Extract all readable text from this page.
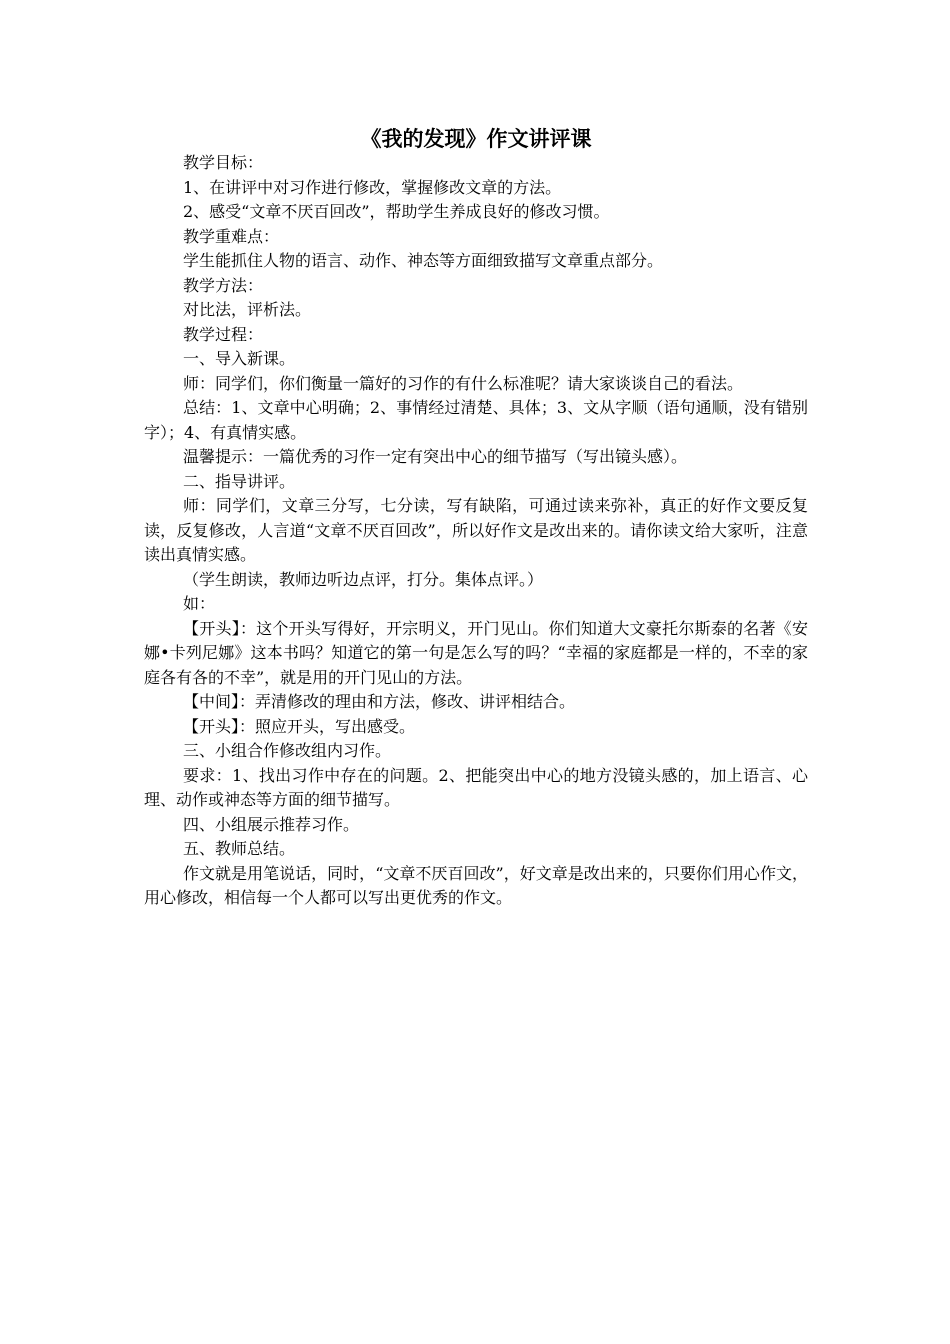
《我的发现》作文讲评课

教学目标：

1、在讲评中对习作进行修改，掌握修改文章的方法。

2、感受“文章不厌百回改”，帮助学生养成良好的修改习惯。

教学重难点：

学生能抓住人物的语言、动作、神态等方面细致描写文章重点部分。

教学方法：

对比法，评析法。

教学过程：

一、导入新课。

师：同学们，你们衡量一篇好的习作的有什么标准呢？请大家谈谈自己的看法。

总结：1、文章中心明确；2、事情经过清楚、具体；3、文从字顺（语句通顺，没有错别字）；4、有真情实感。

温馨提示：一篇优秀的习作一定有突出中心的细节描写（写出镜头感）。

二、指导讲评。

师：同学们，文章三分写，七分读，写有缺陷，可通过读来弥补，真正的好作文要反复读，反复修改，人言道“文章不厌百回改”，所以好作文是改出来的。请你读文给大家听，注意读出真情实感。

（学生朗读，教师边听边点评，打分。集体点评。）

如：

【开头】：这个开头写得好，开宗明义，开门见山。你们知道大文豪托尔斯泰的名著《安娜•卡列尼娜》这本书吗？知道它的第一句是怎么写的吗？“幸福的家庭都是一样的，不幸的家庭各有各的不幸”，就是用的开门见山的方法。

【中间】：弄清修改的理由和方法，修改、讲评相结合。

【开头】：照应开头，写出感受。

三、小组合作修改组内习作。

要求：1、找出习作中存在的问题。2、把能突出中心的地方没镜头感的，加上语言、心理、动作或神态等方面的细节描写。

四、小组展示推荐习作。

五、教师总结。

作文就是用笔说话，同时，“文章不厌百回改”，好文章是改出来的，只要你们用心作文，用心修改，相信每一个人都可以写出更优秀的作文。
